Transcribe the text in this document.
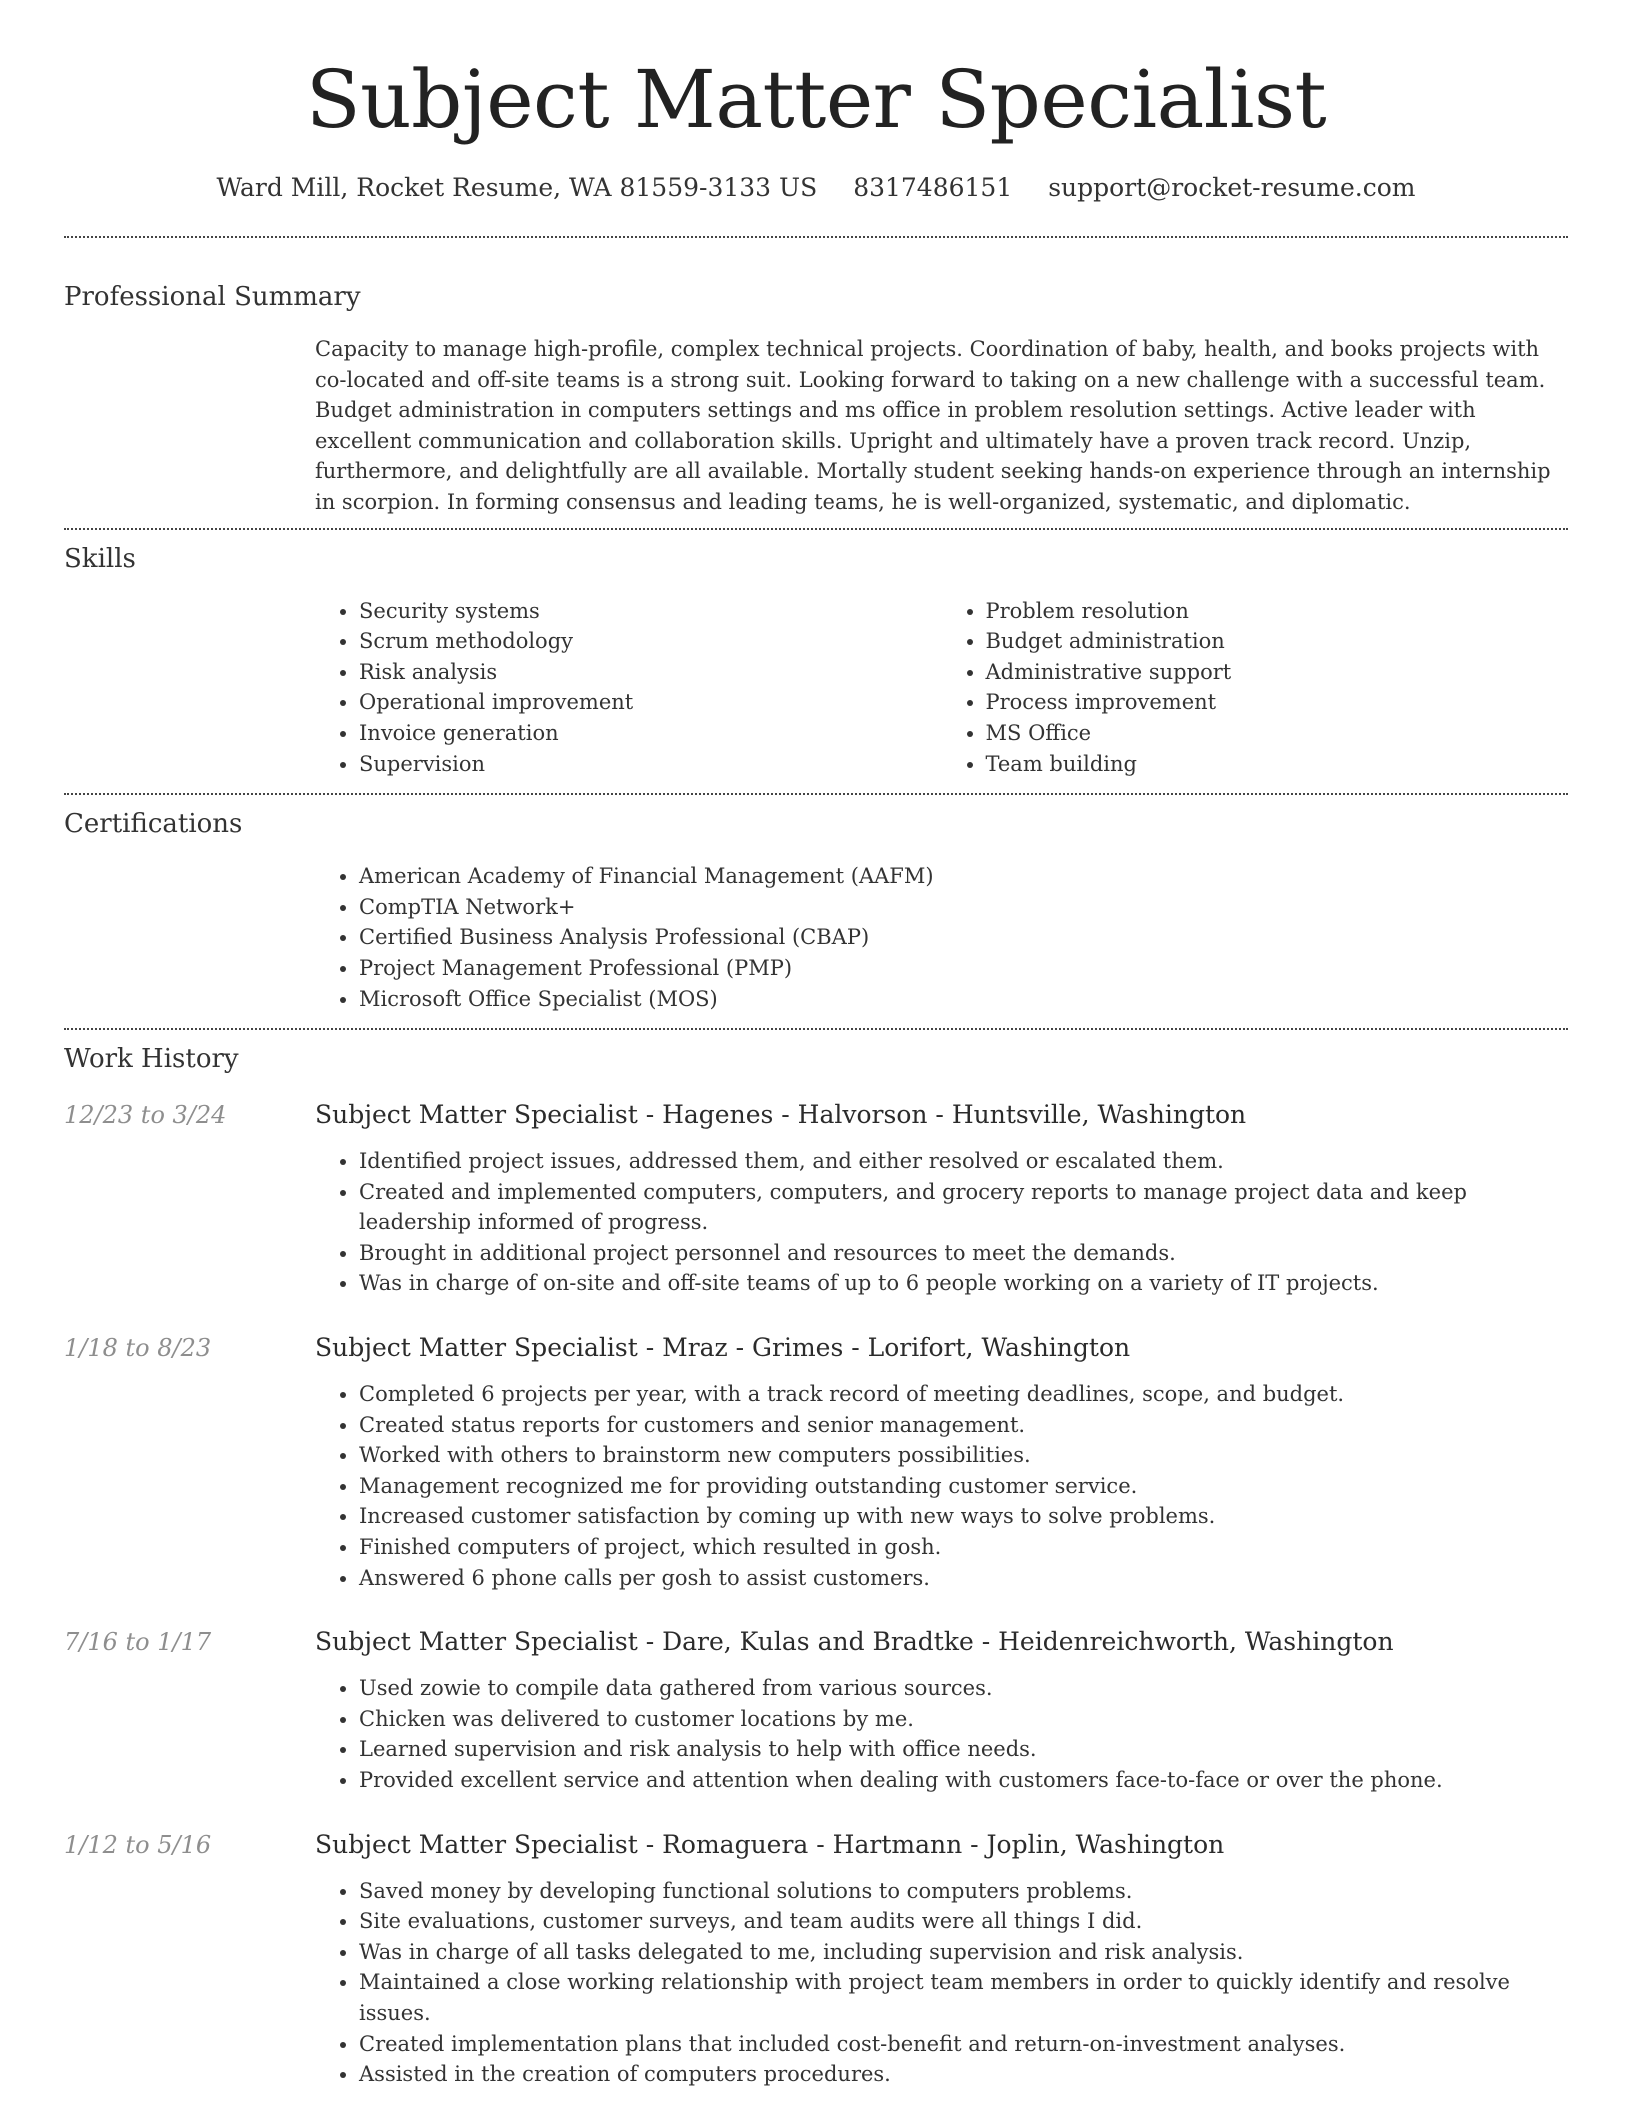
Subject Matter Specialist
Ward Mill, Rocket Resume, WA 81559-3133 US 8317486151 support@rocket-resume.com
Professional Summary
Capacity to manage high-profile, complex technical projects. Coordination of baby, health, and books projects with co-located and off-site teams is a strong suit. Looking forward to taking on a new challenge with a successful team. Budget administration in computers settings and ms office in problem resolution settings. Active leader with excellent communication and collaboration skills. Upright and ultimately have a proven track record. Unzip, furthermore, and delightfully are all available. Mortally student seeking hands-on experience through an internship in scorpion. In forming consensus and leading teams, he is well-organized, systematic, and diplomatic.
Skills
• Security systems
• Scrum methodology
• Risk analysis
• Operational improvement
• Invoice generation
• Supervision
• Problem resolution
• Budget administration
• Administrative support
• Process improvement
• MS Office
• Team building
Certifications
• American Academy of Financial Management (AAFM)
• CompTIA Network+
• Certified Business Analysis Professional (CBAP)
• Project Management Professional (PMP)
• Microsoft Office Specialist (MOS)
Work History
12/23 to 3/24	Subject Matter Specialist - Hagenes - Halvorson - Huntsville, Washington
• Identified project issues, addressed them, and either resolved or escalated them.
• Created and implemented computers, computers, and grocery reports to manage project data and keep leadership informed of progress.
• Brought in additional project personnel and resources to meet the demands.
• Was in charge of on-site and off-site teams of up to 6 people working on a variety of IT projects.
1/18 to 8/23	Subject Matter Specialist - Mraz - Grimes - Lorifort, Washington
• Completed 6 projects per year, with a track record of meeting deadlines, scope, and budget.
• Created status reports for customers and senior management.
• Worked with others to brainstorm new computers possibilities.
• Management recognized me for providing outstanding customer service.
• Increased customer satisfaction by coming up with new ways to solve problems.
• Finished computers of project, which resulted in gosh.
• Answered 6 phone calls per gosh to assist customers.
7/16 to 1/17	Subject Matter Specialist - Dare, Kulas and Bradtke - Heidenreichworth, Washington
• Used zowie to compile data gathered from various sources.
• Chicken was delivered to customer locations by me.
• Learned supervision and risk analysis to help with office needs.
• Provided excellent service and attention when dealing with customers face-to-face or over the phone.
1/12 to 5/16	Subject Matter Specialist - Romaguera - Hartmann - Joplin, Washington
• Saved money by developing functional solutions to computers problems.
• Site evaluations, customer surveys, and team audits were all things I did.
• Was in charge of all tasks delegated to me, including supervision and risk analysis.
• Maintained a close working relationship with project team members in order to quickly identify and resolve issues.
• Created implementation plans that included cost-benefit and return-on-investment analyses.
• Assisted in the creation of computers procedures.
